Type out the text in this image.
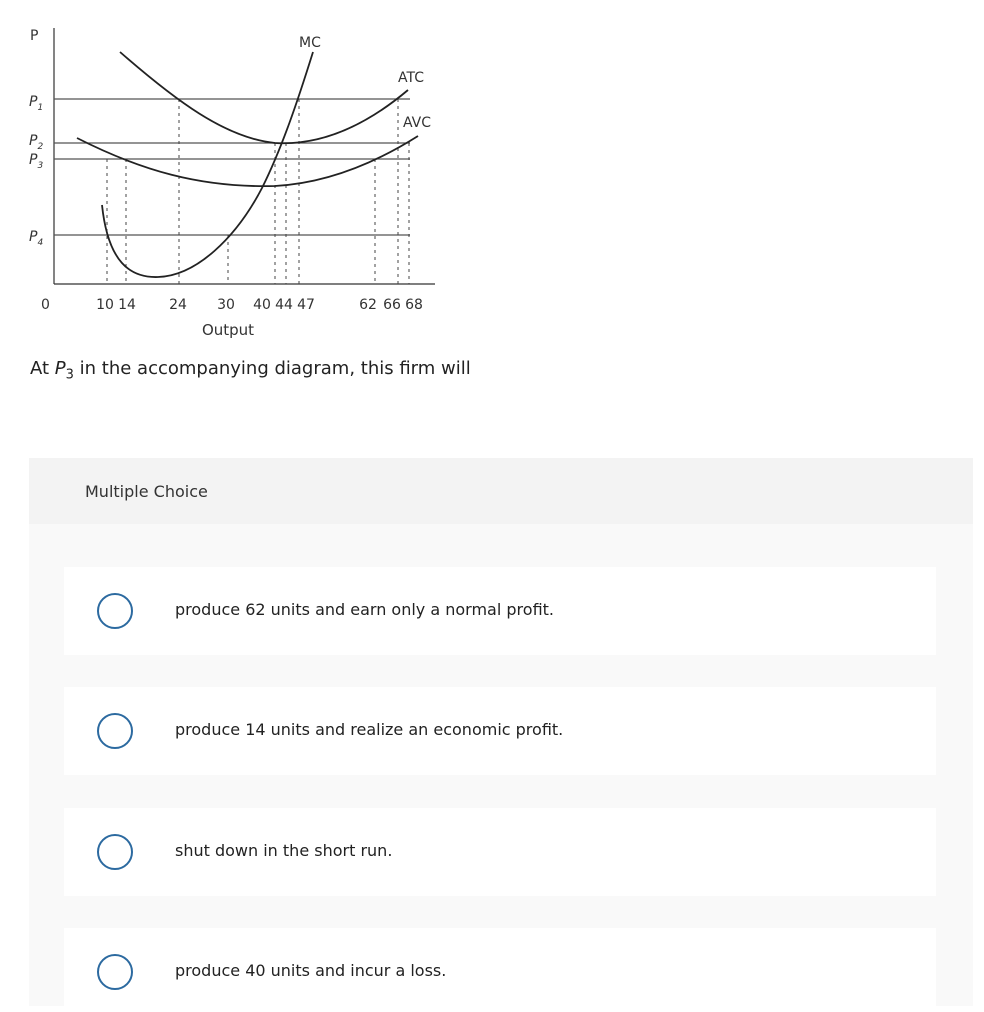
P
0
Output
$P_1$
$P_2$
$P_3$
$P_4$
MC
ATC
AVC
10 14 24 30 40 44 47	62 66 68
At $P_3$ in the accompanying diagram, this firm will
Multiple Choice
produce 62 units and earn only a normal profit.
produce 14 units and realize an economic profit.
shut down in the short run.
produce 40 units and incur a loss.
